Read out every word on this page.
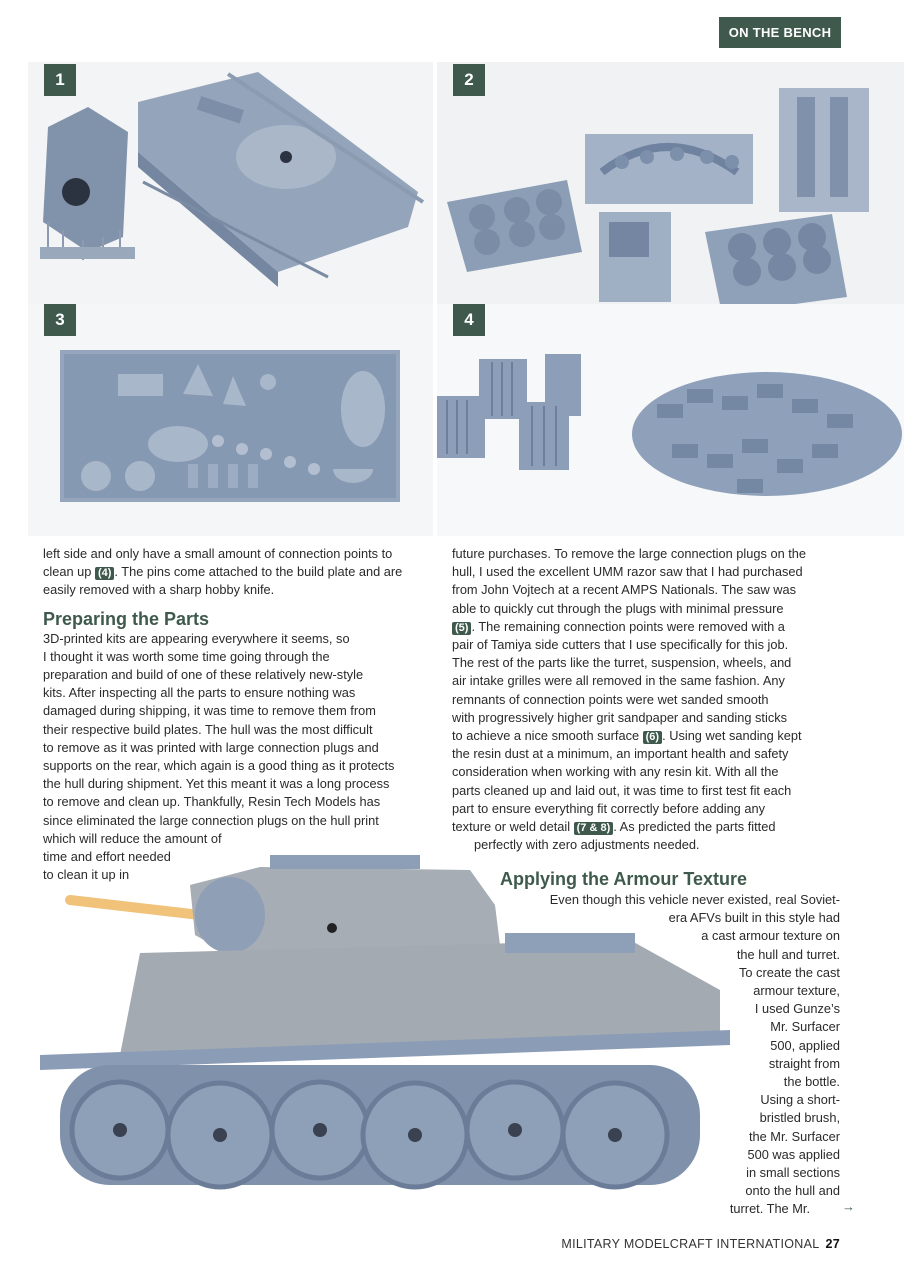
ON THE BENCH
1	2
3	4

left side and only have a small amount of connection points to

clean up (4) . The pins come attached to the build plate and are

easily removed with a sharp hobby knife.

Preparing the Parts

3D-printed kits are appearing everywhere it seems, so

I thought it was worth some time going through the

preparation and build of one of these relatively new-style

kits. After inspecting all the parts to ensure nothing was

damaged during shipping, it was time to remove them from

their respective build plates. The hull was the most difficult

to remove as it was printed with large connection plugs and

supports on the rear, which again is a good thing as it protects

the hull during shipment. Yet this meant it was a long process

to remove and clean up. Thankfully, Resin Tech Models has

since eliminated the large connection plugs on the hull print

which will reduce the amount of

time and effort needed

to clean it up in

future purchases. To remove the large connection plugs on the

hull, I used the excellent UMM razor saw that I had purchased

from John Vojtech at a recent AMPS Nationals. The saw was

able to quickly cut through the plugs with minimal pressure

(5) . The remaining connection points were removed with a

pair of Tamiya side cutters that I use specifically for this job.

The rest of the parts like the turret, suspension, wheels, and

air intake grilles were all removed in the same fashion. Any

remnants of connection points were wet sanded smooth

with progressively higher grit sandpaper and sanding sticks

to achieve a nice smooth surface (6) . Using wet sanding kept

the resin dust at a minimum, an important health and safety

consideration when working with any resin kit. With all the

parts cleaned up and laid out, it was time to first test fit each

part to ensure everything fit correctly before adding any

texture or weld detail (7 & 8) . As predicted the parts fitted

perfectly with zero adjustments needed.

Applying the Armour Texture

Even though this vehicle never existed, real Soviet-

era AFVs built in this style had

a cast armour texture on

the hull and turret.

To create the cast

armour texture,

I used Gunze’s

Mr. Surfacer

500, applied

straight from

the bottle.

Using a short-

bristled brush,

the Mr. Surfacer

500 was applied

in small sections

onto the hull and

turret. The Mr.	→
MILITARY MODELCRAFT INTERNATIONAL 27
